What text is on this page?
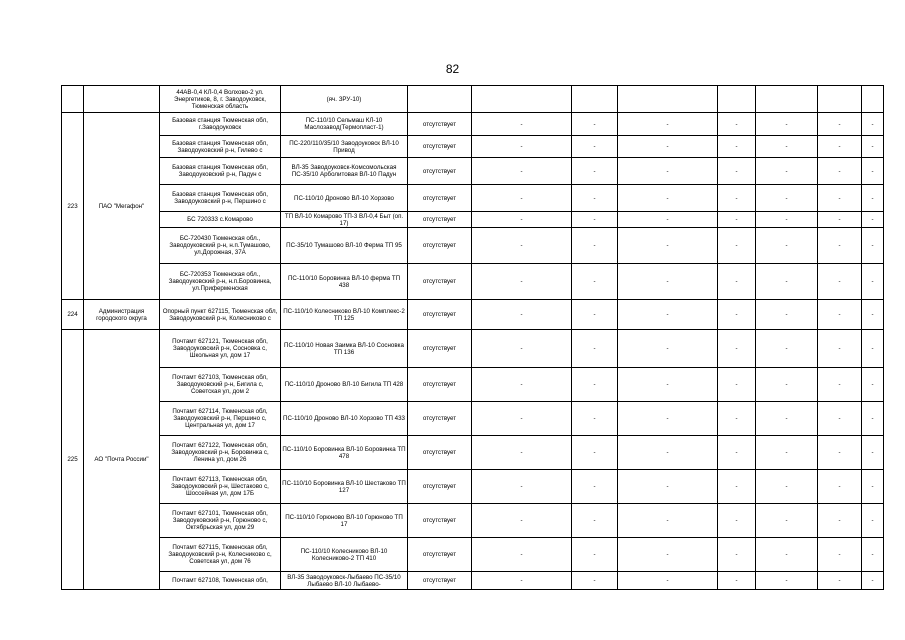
82
		44АВ-0,4 КЛ-0,4 Волхово-2 ул. Энергетиков, 8, г. Заводоуковск, Тюменская область	(яч. ЗРУ-10)								
223	ПАО "Мегафон"	Базовая станция Тюменская обл, г.Заводоуковск	ПС-110/10 Сельмаш КЛ-10 Маслозавод(Термопласт-1)	отсутствует	-	-	-	-	-	-	-
		Базовая станция Тюменская обл, Заводоуковский р-н, Гилево с	ПС-220/110/35/10 Заводоуковск ВЛ-10 Привод	отсутствует	-	-	-	-	-	-	-
		Базовая станция Тюменская обл, Заводоуковский р-н, Падун с	ВЛ-35 Заводоуковск-Комсомольская ПС-35/10 Арболитовая ВЛ-10 Падун	отсутствует	-	-	-	-	-	-	-
		Базовая станция Тюменская обл, Заводоуковский р-н, Першино с	ПС-110/10 Дроново ВЛ-10 Хорзово	отсутствует	-	-	-	-	-	-	-
		БС 720333 с.Комарово	ТП ВЛ-10 Комарово ТП-3 ВЛ-0,4 Быт (оп. 17)	отсутствует	-	-	-	-	-	-	-
		БС-720430 Тюменская обл., Заводоуковский р-н, н.п.Тумашово, ул.Дорожная, 37А	ПС-35/10 Тумашово ВЛ-10 Ферма ТП 95	отсутствует	-	-	-	-	-	-	-
		БС-720353 Тюменская обл., Заводоуковский р-н, н.п.Боровинка, ул.Приферменская	ПС-110/10 Боровинка ВЛ-10 ферма ТП 438	отсутствует	-	-	-	-	-	-	-
224	Администрация городского округа	Опорный пункт 627115, Тюменская обл, Заводоуковский р-н, Колесниково с	ПС-110/10 Колесниково ВЛ-10 Комплекс-2 ТП 125	отсутствует	-	-	-	-	-	-	-
225	АО "Почта России"	Почтамт 627121, Тюменская обл, Заводоуковский р-н, Сосновка с, Школьная ул, дом 17	ПС-110/10 Новая Заимка ВЛ-10 Сосновка ТП 136	отсутствует	-	-	-	-	-	-	-
		Почтамт 627103, Тюменская обл, Заводоуковский р-н, Бигила с, Советская ул, дом 2	ПС-110/10 Дроново ВЛ-10 Бигила ТП 428	отсутствует	-	-	-	-	-	-	-
		Почтамт 627114, Тюменская обл, Заводоуковский р-н, Першино с, Центральная ул, дом 17	ПС-110/10 Дроново ВЛ-10 Хорзово ТП 433	отсутствует	-	-	-	-	-	-	-
		Почтамт 627122, Тюменская обл, Заводоуковский р-н, Боровинка с, Ленина ул, дом 26	ПС-110/10 Боровинка ВЛ-10 Боровинка ТП 478	отсутствует	-	-	-	-	-	-	-
		Почтамт 627113, Тюменская обл, Заводоуковский р-н, Шестаково с, Шоссейная ул, дом 17Б	ПС-110/10 Боровинка ВЛ-10 Шестаково ТП 127	отсутствует	-	-	-	-	-	-	-
		Почтамт 627101, Тюменская обл, Заводоуковский р-н, Горюново с, Октябрьская ул, дом 29	ПС-110/10 Горюново ВЛ-10 Горюново ТП 17	отсутствует	-	-	-	-	-	-	-
		Почтамт 627115, Тюменская обл, Заводоуковский р-н, Колесниково с, Советская ул, дом 76	ПС-110/10 Колесниково ВЛ-10 Колесниково-2 ТП 410	отсутствует	-	-	-	-	-	-	-
		Почтамт 627108, Тюменская обл,	ВЛ-35 Заводоуковск-Лыбаево ПС-35/10 Лыбаево ВЛ-10 Лыбаево-	отсутствует	-	-	-	-	-	-	-
